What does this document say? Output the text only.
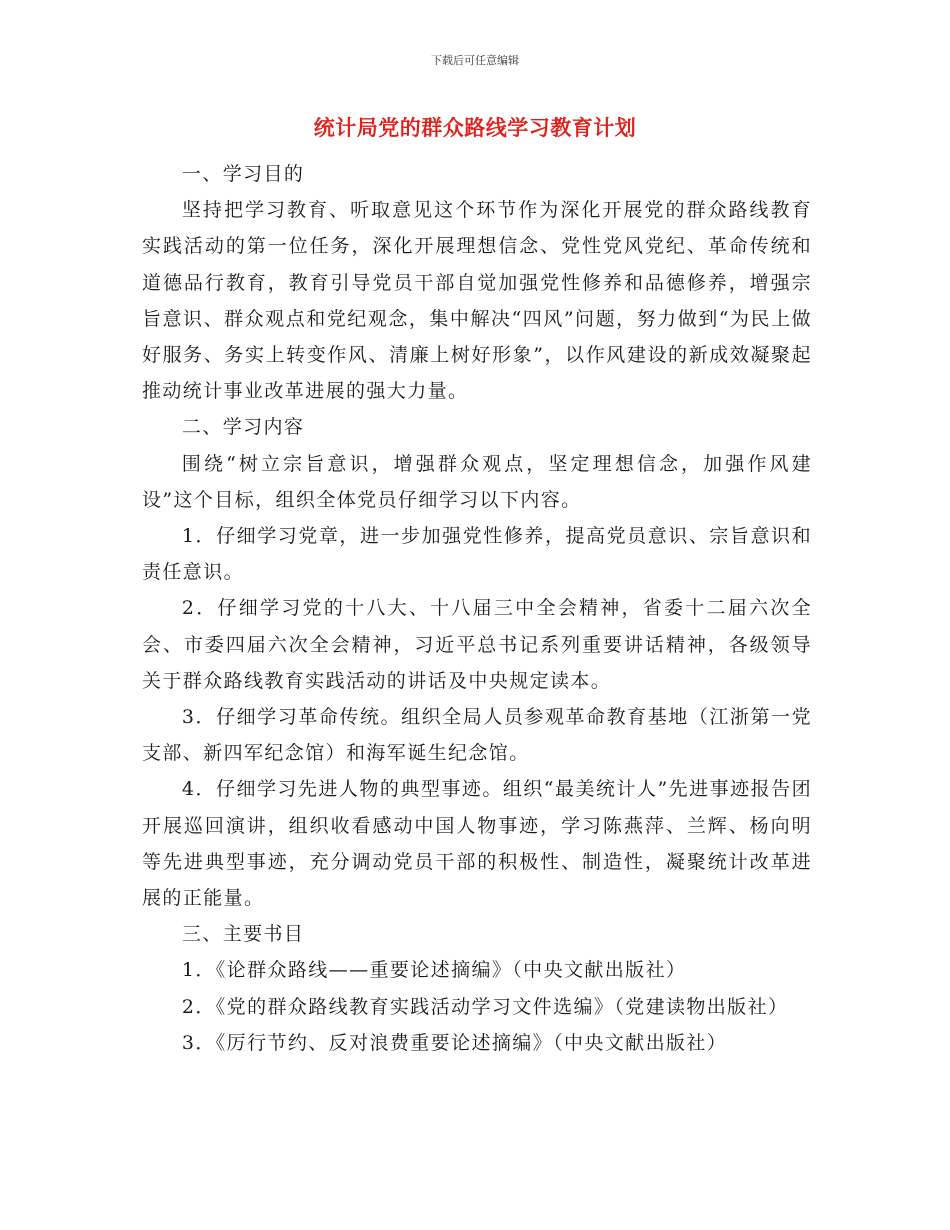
下载后可任意编辑
统计局党的群众路线学习教育计划

一、学习目的

坚持把学习教育、听取意见这个环节作为深化开展党的群众路线教育实践活动的第一位任务，深化开展理想信念、党性党风党纪、革命传统和道德品行教育，教育引导党员干部自觉加强党性修养和品德修养，增强宗旨意识、群众观点和党纪观念，集中解决“四风”问题，努力做到“为民上做好服务、务实上转变作风、清廉上树好形象”，以作风建设的新成效凝聚起推动统计事业改革进展的强大力量。

二、学习内容

围绕“树立宗旨意识，增强群众观点，坚定理想信念，加强作风建设”这个目标，组织全体党员仔细学习以下内容。

1．仔细学习党章，进一步加强党性修养，提高党员意识、宗旨意识和责任意识。

2．仔细学习党的十八大、十八届三中全会精神，省委十二届六次全会、市委四届六次全会精神，习近平总书记系列重要讲话精神，各级领导关于群众路线教育实践活动的讲话及中央规定读本。

3．仔细学习革命传统。组织全局人员参观革命教育基地（江浙第一党支部、新四军纪念馆）和海军诞生纪念馆。

4．仔细学习先进人物的典型事迹。组织“最美统计人”先进事迹报告团开展巡回演讲，组织收看感动中国人物事迹，学习陈燕萍、兰辉、杨向明等先进典型事迹，充分调动党员干部的积极性、制造性，凝聚统计改革进展的正能量。

三、主要书目

1．《论群众路线——重要论述摘编》（中央文献出版社）

2．《党的群众路线教育实践活动学习文件选编》（党建读物出版社）

3．《厉行节约、反对浪费重要论述摘编》（中央文献出版社）
